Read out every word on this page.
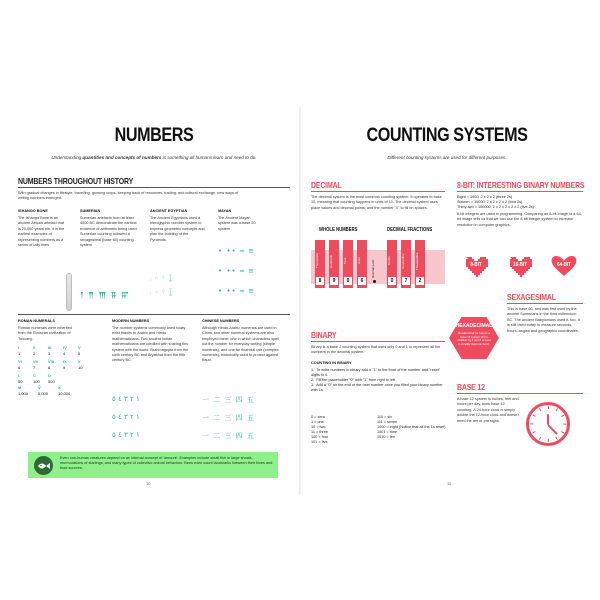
NUMBERS
Understanding quantities and concepts of numbers is something all humans learn and need to do.
NUMBERS THROUGHOUT HISTORY
With gradual changes in lifestyle, travelling, growing crops, keeping track of resources, trading, and cultural exchange, new ways of writing numbers emerged.
ISHANGO BONE
The Ishango Bone is an ancient African artefact that is 20,000 years old. It is the earliest examples of representing numbers as a series of tally lines
SUMERIAN
Sumerian artefacts from at least 4000 BC demonstrate the earliest evidence of arithmetic being used. Sumerian counting followed a sexagesimal (base 60) counting system
𒐕 𒐖 𒐗 𒐘 𒐙
ANCIENT EGYPTIAN
The Ancient Egyptians used a hieroglyphic number system to express geometric concepts and plan the building of the Pyramids.
𓏺 𓎆 𓍢 𓆼
𓏺 𓎆 𓍢 𓆼
MAYAN
The Ancient Mayan system was a base 20 system.
• •• ═ ≡
• •• ═ ≡
• •• ═ ≡
ROMAN NUMERALS
Roman numerals were inherited from the Etruscan civilization of Tuscany.
I	II	III	IV	V
1	2	3	4	5
VI	VII	VIII	IX	X
6	7	8	9	10
L	C	D
50	100	500
M	V̄	X̄
1,000	5,000	10,000
MODERN NUMBERS
The number systems commonly used today exist thanks to Arabic and Hindu mathematicians. Two ancient Indian mathematicians are credited with sharing this system with the world. Brahmagupta from the sixth century BC and Aryabhat from the fifth century BC.
١ ٢ ٣ ٤ ٥
١ ٢ ٣ ٤ ٥
١ ٢ ٣ ٤ ٥
CHINESE NUMBERS
Although Hindu-Arabic numerals are used in China, two other numeral systems are also employed there: one in which characters spell out the number for everyday writing (simple numerals), and one for financial use (complex numerals), historically used to protect against fraud.
一 二 三 四 五
一 二 三 四 五
一 二 三 四 五
Even non-human creatures depend on an internal concept of 'amount'. Examples include small fish in large shoals, murmurations of starlings, and many types of collective animal behaviour. Bees even count landmarks between their hives and food sources.
10
COUNTING SYSTEMS
Different counting systems are used for different purposes.
DECIMAL
The decimal system is the most common counting system. It operates to base 10, meaning that counting happens in units of 10. The decimal system uses place values and decimal points, and the number "0" to fill on spaces.
WHOLE NUMBERS	DECIMAL FRACTIONS
Thousands
8
Hundreds
9
Tens
0
Units
6
Decimal point	Tenths
0
Hundredths
7
Thousandths
2
BINARY
Binary is a base 2 counting system that uses only 0 and 1 to represent all the numbers in the decimal system.
COUNTING IN BINARY
1.  To write numbers in binary add a "1" to the front of the number and "reset" digits to 0.
2.  Fill the placeholder "0" with "1" from right to left.
3.  Add a "0" on the end of the next number once you filled your binary number with 1s.
0 = zero
1 = one
10 = two
11 = three
100 = four
101 = five
110 = six
111 = seven
1000 = eight (Notice that all the 1s reset)
1001 = nine
1010 = ten
8-BIT: INTERESTING BINARY NUMBERS
Eight = 1000; 2 x 2 x 2 (three 2s)
Sixteen = 10000; 2 x 2 x 2 x 2 (four 2s)
Thirty-two = 100000; 2 x 2 x 2 x 2 x 2 (five 2s)
8-bit integers are used in programming. Comparing an 8-bit image to a 64-bit image tells us that we can use the 8-bit integer system to increase resolution in computer graphics.
8-BIT	16-BIT	64-BIT
HEXADECIMAL
Hexadecimal (or hex) is a base 16 system (16 is divisible by 8 and 8 is used to simplify 8-bit numbers).
SEXAGESIMAL
This is base 60, and was first used by the ancient Sumerians in the third millennium BC. The ancient Babylonians used it, too. It is still used today to measure seconds, hours, angles and geographic coordinates.
BASE 12
A base 12 system is inches, feet and hours per day, uses base 12 counting. A 24-hour clock is simply double the 12-hour clock and doesn't need the am or pm signs.
11
